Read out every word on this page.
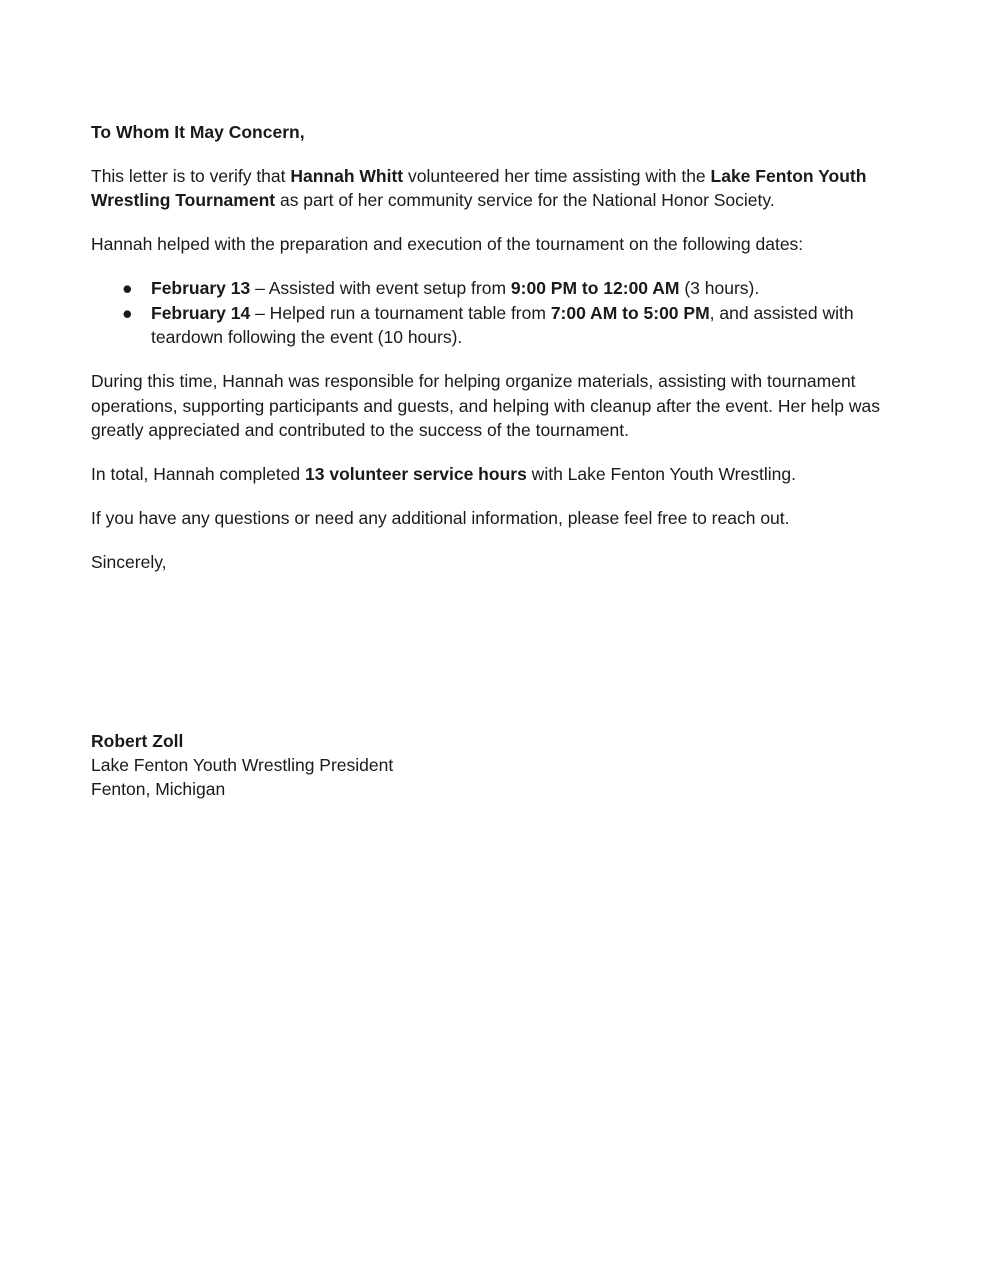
To Whom It May Concern,

This letter is to verify that Hannah Whitt volunteered her time assisting with the Lake Fenton Youth Wrestling Tournament as part of her community service for the National Honor Society.

Hannah helped with the preparation and execution of the tournament on the following dates:

● February 13 – Assisted with event setup from 9:00 PM to 12:00 AM (3 hours).
● February 14 – Helped run a tournament table from 7:00 AM to 5:00 PM, and assisted with teardown following the event (10 hours).

During this time, Hannah was responsible for helping organize materials, assisting with tournament operations, supporting participants and guests, and helping with cleanup after the event. Her help was greatly appreciated and contributed to the success of the tournament.

In total, Hannah completed 13 volunteer service hours with Lake Fenton Youth Wrestling.

If you have any questions or need any additional information, please feel free to reach out.

Sincerely,

Robert Zoll
Lake Fenton Youth Wrestling President
Fenton, Michigan
